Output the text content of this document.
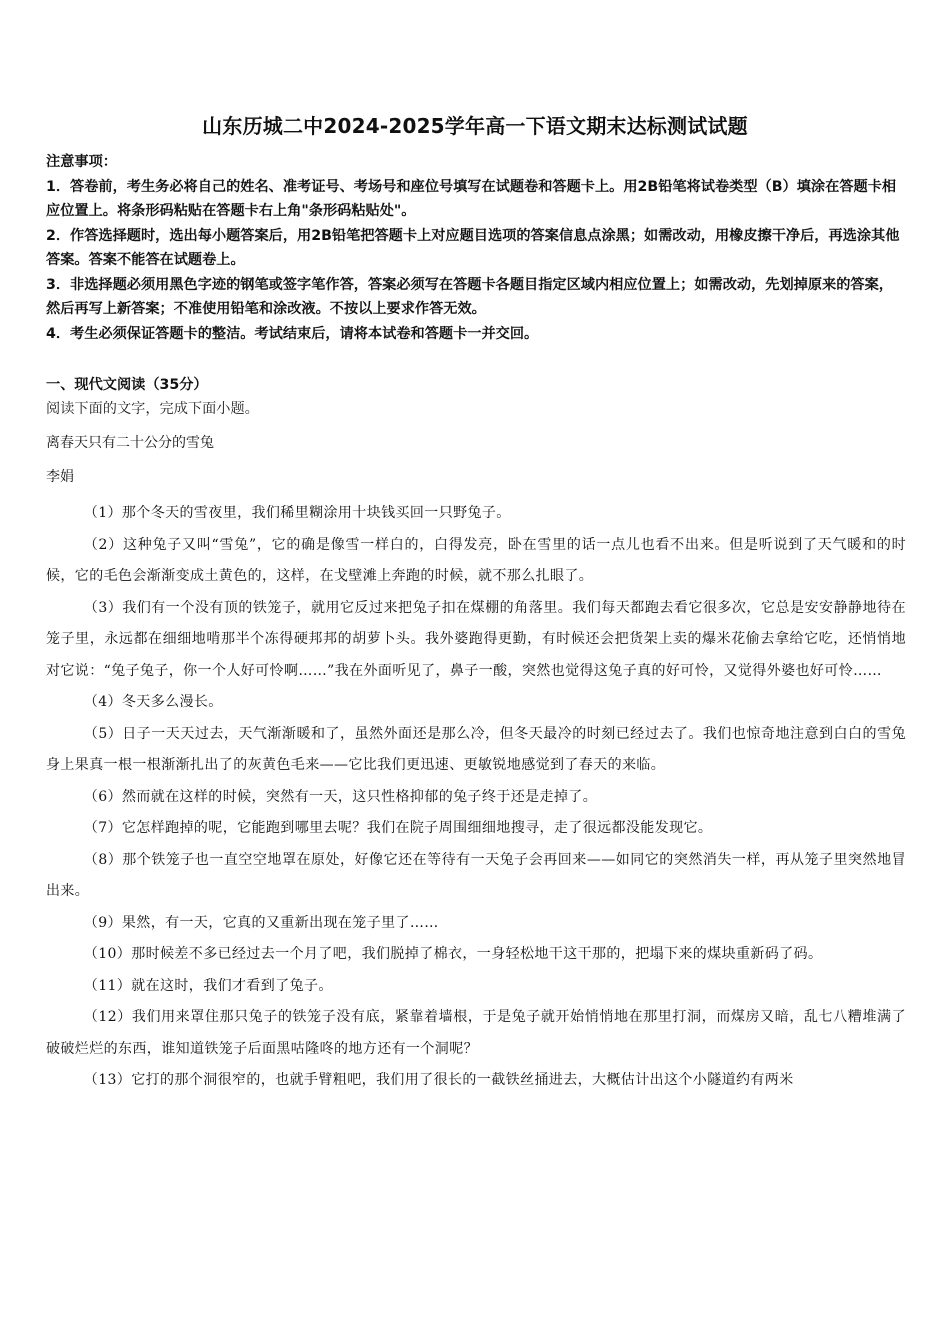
山东历城二中2024-2025学年高一下语文期末达标测试试题

注意事项：

1．答卷前，考生务必将自己的姓名、准考证号、考场号和座位号填写在试题卷和答题卡上。用2B铅笔将试卷类型（B）填涂在答题卡相应位置上。将条形码粘贴在答题卡右上角"条形码粘贴处"。

2．作答选择题时，选出每小题答案后，用2B铅笔把答题卡上对应题目选项的答案信息点涂黑；如需改动，用橡皮擦干净后，再选涂其他答案。答案不能答在试题卷上。

3．非选择题必须用黑色字迹的钢笔或签字笔作答，答案必须写在答题卡各题目指定区域内相应位置上；如需改动，先划掉原来的答案，然后再写上新答案；不准使用铅笔和涂改液。不按以上要求作答无效。

4．考生必须保证答题卡的整洁。考试结束后，请将本试卷和答题卡一并交回。

一、现代文阅读（35分）
阅读下面的文字，完成下面小题。
离春天只有二十公分的雪兔
李娟

（1）那个冬天的雪夜里，我们稀里糊涂用十块钱买回一只野兔子。

（2）这种兔子又叫“雪兔”，它的确是像雪一样白的，白得发亮，卧在雪里的话一点儿也看不出来。但是听说到了天气暖和的时候，它的毛色会渐渐变成土黄色的，这样，在戈壁滩上奔跑的时候，就不那么扎眼了。

（3）我们有一个没有顶的铁笼子，就用它反过来把兔子扣在煤棚的角落里。我们每天都跑去看它很多次，它总是安安静静地待在笼子里，永远都在细细地啃那半个冻得硬邦邦的胡萝卜头。我外婆跑得更勤，有时候还会把货架上卖的爆米花偷去拿给它吃，还悄悄地对它说：“兔子兔子，你一个人好可怜啊……”我在外面听见了，鼻子一酸，突然也觉得这兔子真的好可怜，又觉得外婆也好可怜……

（4）冬天多么漫长。

（5）日子一天天过去，天气渐渐暖和了，虽然外面还是那么冷，但冬天最冷的时刻已经过去了。我们也惊奇地注意到白白的雪兔身上果真一根一根渐渐扎出了的灰黄色毛来——它比我们更迅速、更敏锐地感觉到了春天的来临。

（6）然而就在这样的时候，突然有一天，这只性格抑郁的兔子终于还是走掉了。

（7）它怎样跑掉的呢，它能跑到哪里去呢？我们在院子周围细细地搜寻，走了很远都没能发现它。

（8）那个铁笼子也一直空空地罩在原处，好像它还在等待有一天兔子会再回来——如同它的突然消失一样，再从笼子里突然地冒出来。

（9）果然，有一天，它真的又重新出现在笼子里了……

（10）那时候差不多已经过去一个月了吧，我们脱掉了棉衣，一身轻松地干这干那的，把塌下来的煤块重新码了码。

（11）就在这时，我们才看到了兔子。

（12）我们用来罩住那只兔子的铁笼子没有底，紧靠着墙根，于是兔子就开始悄悄地在那里打洞，而煤房又暗，乱七八糟堆满了破破烂烂的东西，谁知道铁笼子后面黑咕隆咚的地方还有一个洞呢？

（13）它打的那个洞很窄的，也就手臂粗吧，我们用了很长的一截铁丝捅进去，大概估计出这个小隧道约有两米
